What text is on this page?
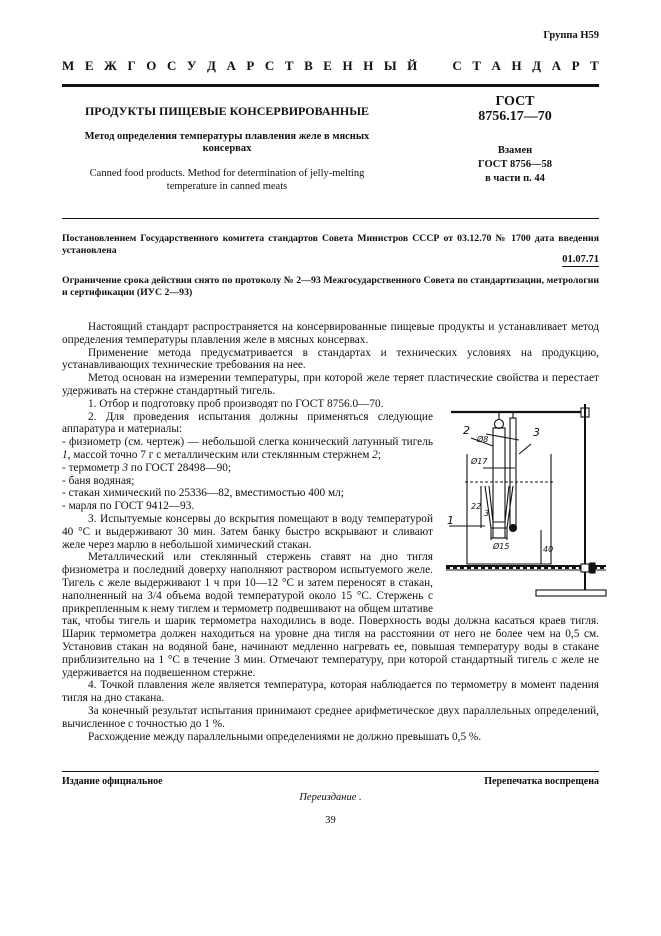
Группа Н59
М Е Ж Г О С У Д А Р С Т В Е Н Н Ы Й	С Т А Н Д А Р Т
ПРОДУКТЫ ПИЩЕВЫЕ КОНСЕРВИРОВАННЫЕ
Метод определения температуры плавления желе в мясных консервах
Canned food products. Method for determination of jelly-melting temperature in canned meats
ГОСТ
8756.17—70
Взамен
ГОСТ 8756—58
в части п. 44
Постановлением Государственного комитета стандартов Совета Министров СССР от 03.12.70 № 1700 дата введения установлена
01.07.71
Ограничение срока действия снято по протоколу № 2—93 Межгосударственного Совета по стандартизации, метрологии и сертификации (ИУС 2—93)

Настоящий стандарт распространяется на консервированные пищевые продукты и устанавливает метод определения температуры плавления желе в мясных консервах.

Применение метода предусматривается в стандартах и технических условиях на продукцию, устанавливающих технические требования на нее.

Метод основан на измерении температуры, при которой желе теряет пластические свойства и перестает удерживать на стержне стандартный тигель.

2	3
1
Ø8
Ø17
Ø15
22
3
40

1. Отбор и подготовку проб производят по ГОСТ 8756.0—70.

2. Для проведения испытания должны применяться следующие аппаратура и материалы:

- физиометр (см. чертеж) — небольшой слегка конический латунный тигель 1, массой точно 7 г с металлическим или стеклянным стержнем 2;

- термометр 3 по ГОСТ 28498—90;

- баня водяная;

- стакан химический по 25336—82, вместимостью 400 мл;

- марля по ГОСТ 9412—93.

3. Испытуемые консервы до вскрытия помещают в воду температурой 40 °С и выдерживают 30 мин. Затем банку быстро вскрывают и сливают желе через марлю в небольшой химический стакан.

Металлический или стеклянный стержень ставят на дно тигля физиометра и последний доверху наполняют раствором испытуемого желе. Тигель с желе выдерживают 1 ч при 10—12 °С и затем переносят в стакан, наполненный на 3/4 объема водой температурой около 15 °С. Стержень с прикрепленным к нему тиглем и термометр подвешивают на общем штативе так, чтобы тигель и шарик термометра находились в воде. Поверхность воды должна касаться краев тигля. Шарик термометра должен находиться на уровне дна тигля на расстоянии от него не более чем на 0,5 см. Установив стакан на водяной бане, начинают медленно нагревать ее, повышая температуру воды в стакане приблизительно на 1 °С в течение 3 мин. Отмечают температуру, при которой стандартный тигель с желе не удерживается на подвешенном стержне.

4. Точкой плавления желе является температура, которая наблюдается по термометру в момент падения тигля на дно стакана.

За конечный результат испытания принимают среднее арифметическое двух параллельных определений, вычисленное с точностью до 1 %.

Расхождение между параллельными определениями не должно превышать 0,5 %.

Издание официальное	Перепечатка воспрещена
Переиздание .
39
